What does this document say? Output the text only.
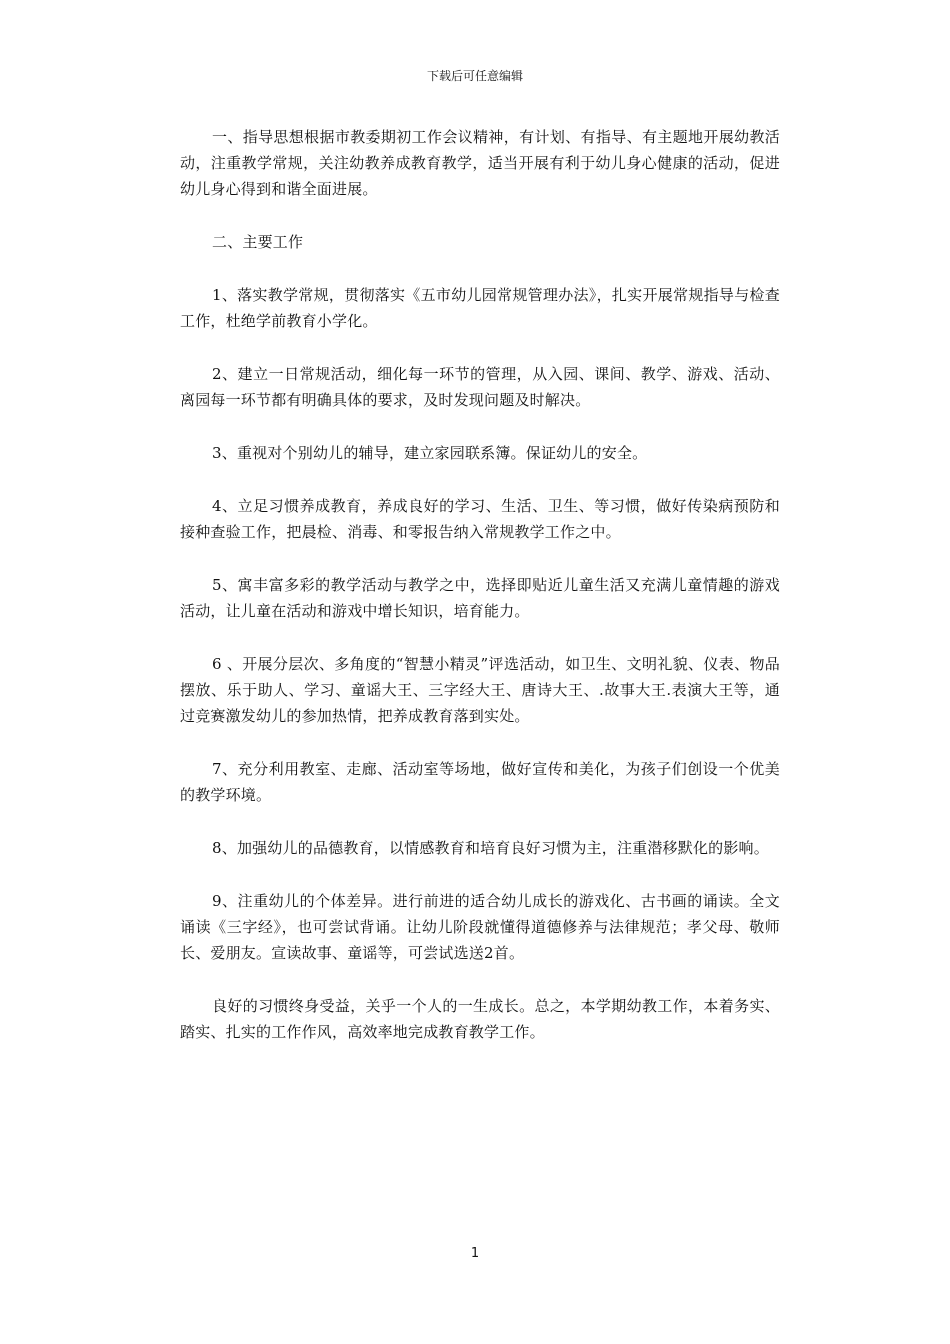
下载后可任意编辑

一、指导思想根据市教委期初工作会议精神，有计划、有指导、有主题地开展幼教活动，注重教学常规，关注幼教养成教育教学，适当开展有利于幼儿身心健康的活动，促进幼儿身心得到和谐全面进展。

二、主要工作

1、落实教学常规，贯彻落实《五市幼儿园常规管理办法》，扎实开展常规指导与检查工作，杜绝学前教育小学化。

2、建立一日常规活动，细化每一环节的管理，从入园、课间、教学、游戏、活动、离园每一环节都有明确具体的要求，及时发现问题及时解决。

3、重视对个别幼儿的辅导，建立家园联系簿。保证幼儿的安全。

4、立足习惯养成教育，养成良好的学习、生活、卫生、等习惯，做好传染病预防和接种查验工作，把晨检、消毒、和零报告纳入常规教学工作之中。

5、寓丰富多彩的教学活动与教学之中，选择即贴近儿童生活又充满儿童情趣的游戏活动，让儿童在活动和游戏中增长知识，培育能力。

6 、开展分层次、多角度的“智慧小精灵”评选活动，如卫生、文明礼貌、仪表、物品摆放、乐于助人、学习、童谣大王、三字经大王、唐诗大王、.故事大王.表演大王等，通过竞赛激发幼儿的参加热情，把养成教育落到实处。

7、充分利用教室、走廊、活动室等场地，做好宣传和美化，为孩子们创设一个优美的教学环境。

8、加强幼儿的品德教育，以情感教育和培育良好习惯为主，注重潜移默化的影响。

9、注重幼儿的个体差异。进行前进的适合幼儿成长的游戏化、古书画的诵读。全文诵读《三字经》，也可尝试背诵。让幼儿阶段就懂得道德修养与法律规范；孝父母、敬师长、爱朋友。宣读故事、童谣等，可尝试选送2首。

良好的习惯终身受益，关乎一个人的一生成长。总之，本学期幼教工作，本着务实、踏实、扎实的工作作风，高效率地完成教育教学工作。

1
